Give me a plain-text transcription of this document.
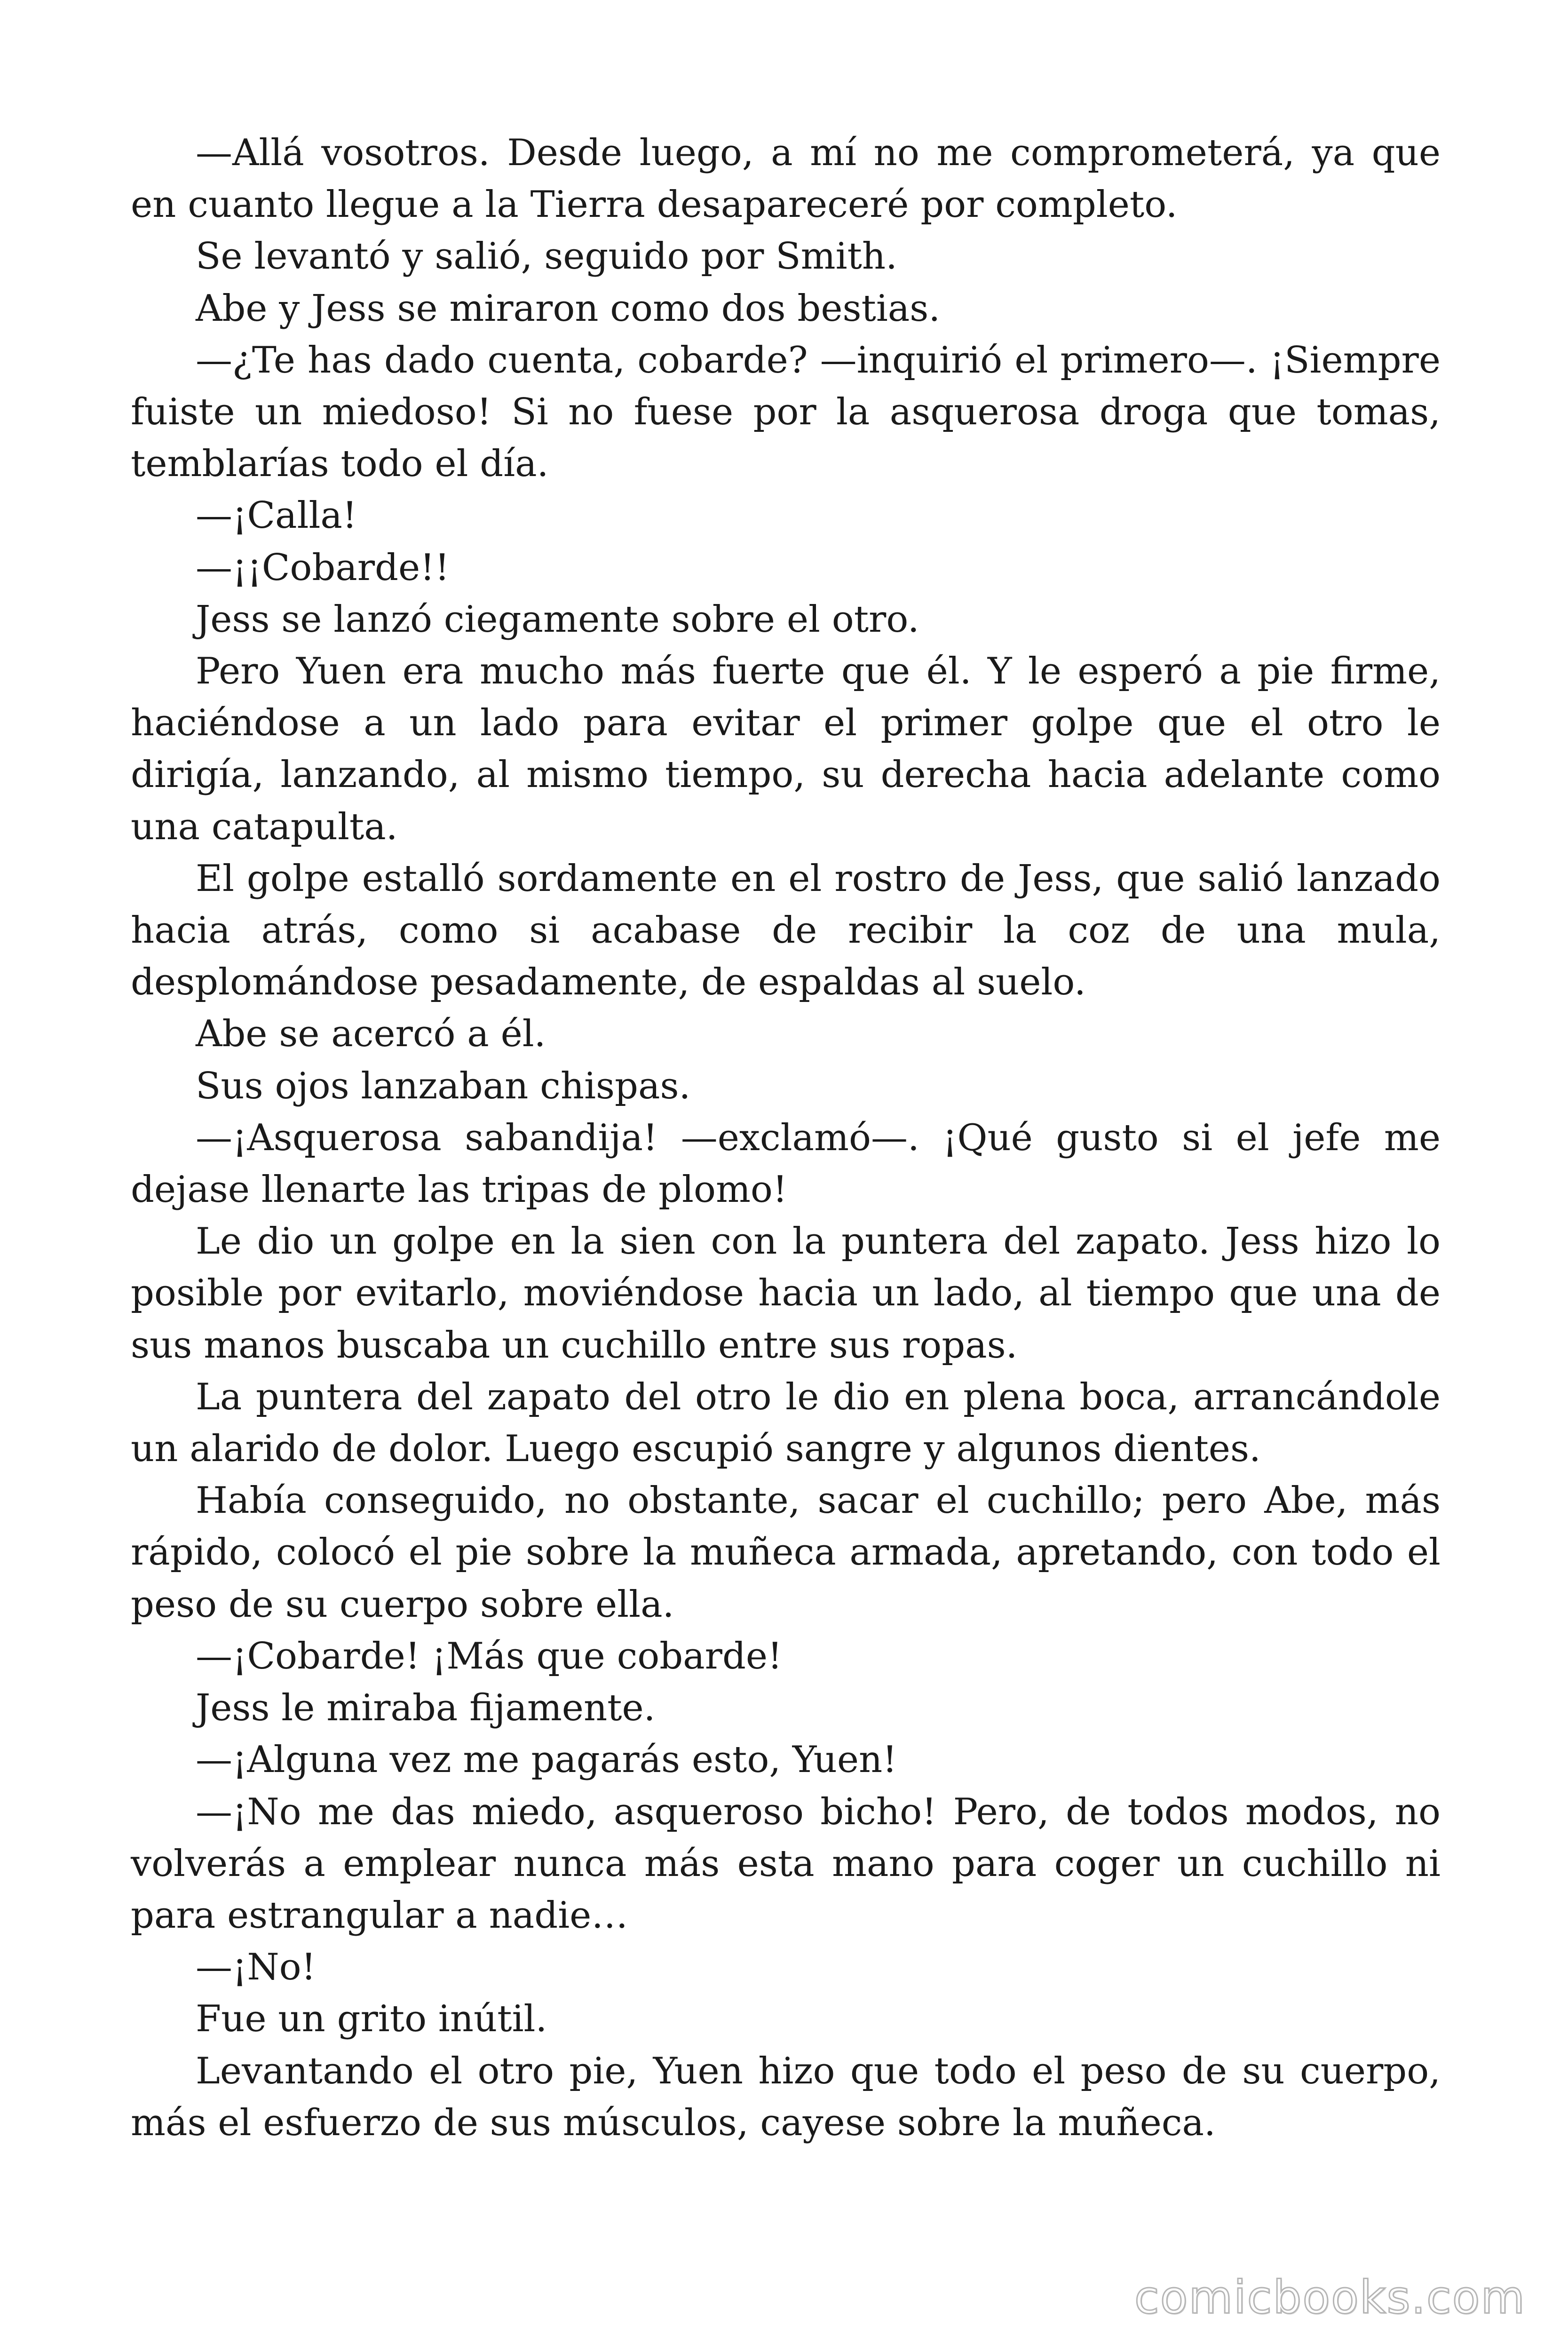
—Allá vosotros. Desde luego, a mí no me comprometerá, ya que en cuanto llegue a la Tierra desapareceré por completo.

Se levantó y salió, seguido por Smith.

Abe y Jess se miraron como dos bestias.

—¿Te has dado cuenta, cobarde? —inquirió el primero—. ¡Siempre fuiste un miedoso! Si no fuese por la asquerosa droga que tomas, temblarías todo el día.

—¡Calla!

—¡¡Cobarde!!

Jess se lanzó ciegamente sobre el otro.

Pero Yuen era mucho más fuerte que él. Y le esperó a pie firme, haciéndose a un lado para evitar el primer golpe que el otro le dirigía, lanzando, al mismo tiempo, su derecha hacia adelante como una catapulta.

El golpe estalló sordamente en el rostro de Jess, que salió lanzado hacia atrás, como si acabase de recibir la coz de una mula, desplomándose pesadamente, de espaldas al suelo.

Abe se acercó a él.

Sus ojos lanzaban chispas.

—¡Asquerosa sabandija! —exclamó—. ¡Qué gusto si el jefe me dejase llenarte las tripas de plomo!

Le dio un golpe en la sien con la puntera del zapato. Jess hizo lo posible por evitarlo, moviéndose hacia un lado, al tiempo que una de sus manos buscaba un cuchillo entre sus ropas.

La puntera del zapato del otro le dio en plena boca, arrancándole un alarido de dolor. Luego escupió sangre y algunos dientes.

Había conseguido, no obstante, sacar el cuchillo; pero Abe, más rápido, colocó el pie sobre la muñeca armada, apretando, con todo el peso de su cuerpo sobre ella.

—¡Cobarde! ¡Más que cobarde!

Jess le miraba fijamente.

—¡Alguna vez me pagarás esto, Yuen!

—¡No me das miedo, asqueroso bicho! Pero, de todos modos, no volverás a emplear nunca más esta mano para coger un cuchillo ni para estrangular a nadie…

—¡No!

Fue un grito inútil.

Levantando el otro pie, Yuen hizo que todo el peso de su cuerpo, más el esfuerzo de sus músculos, cayese sobre la muñeca.

comicbooks.com
